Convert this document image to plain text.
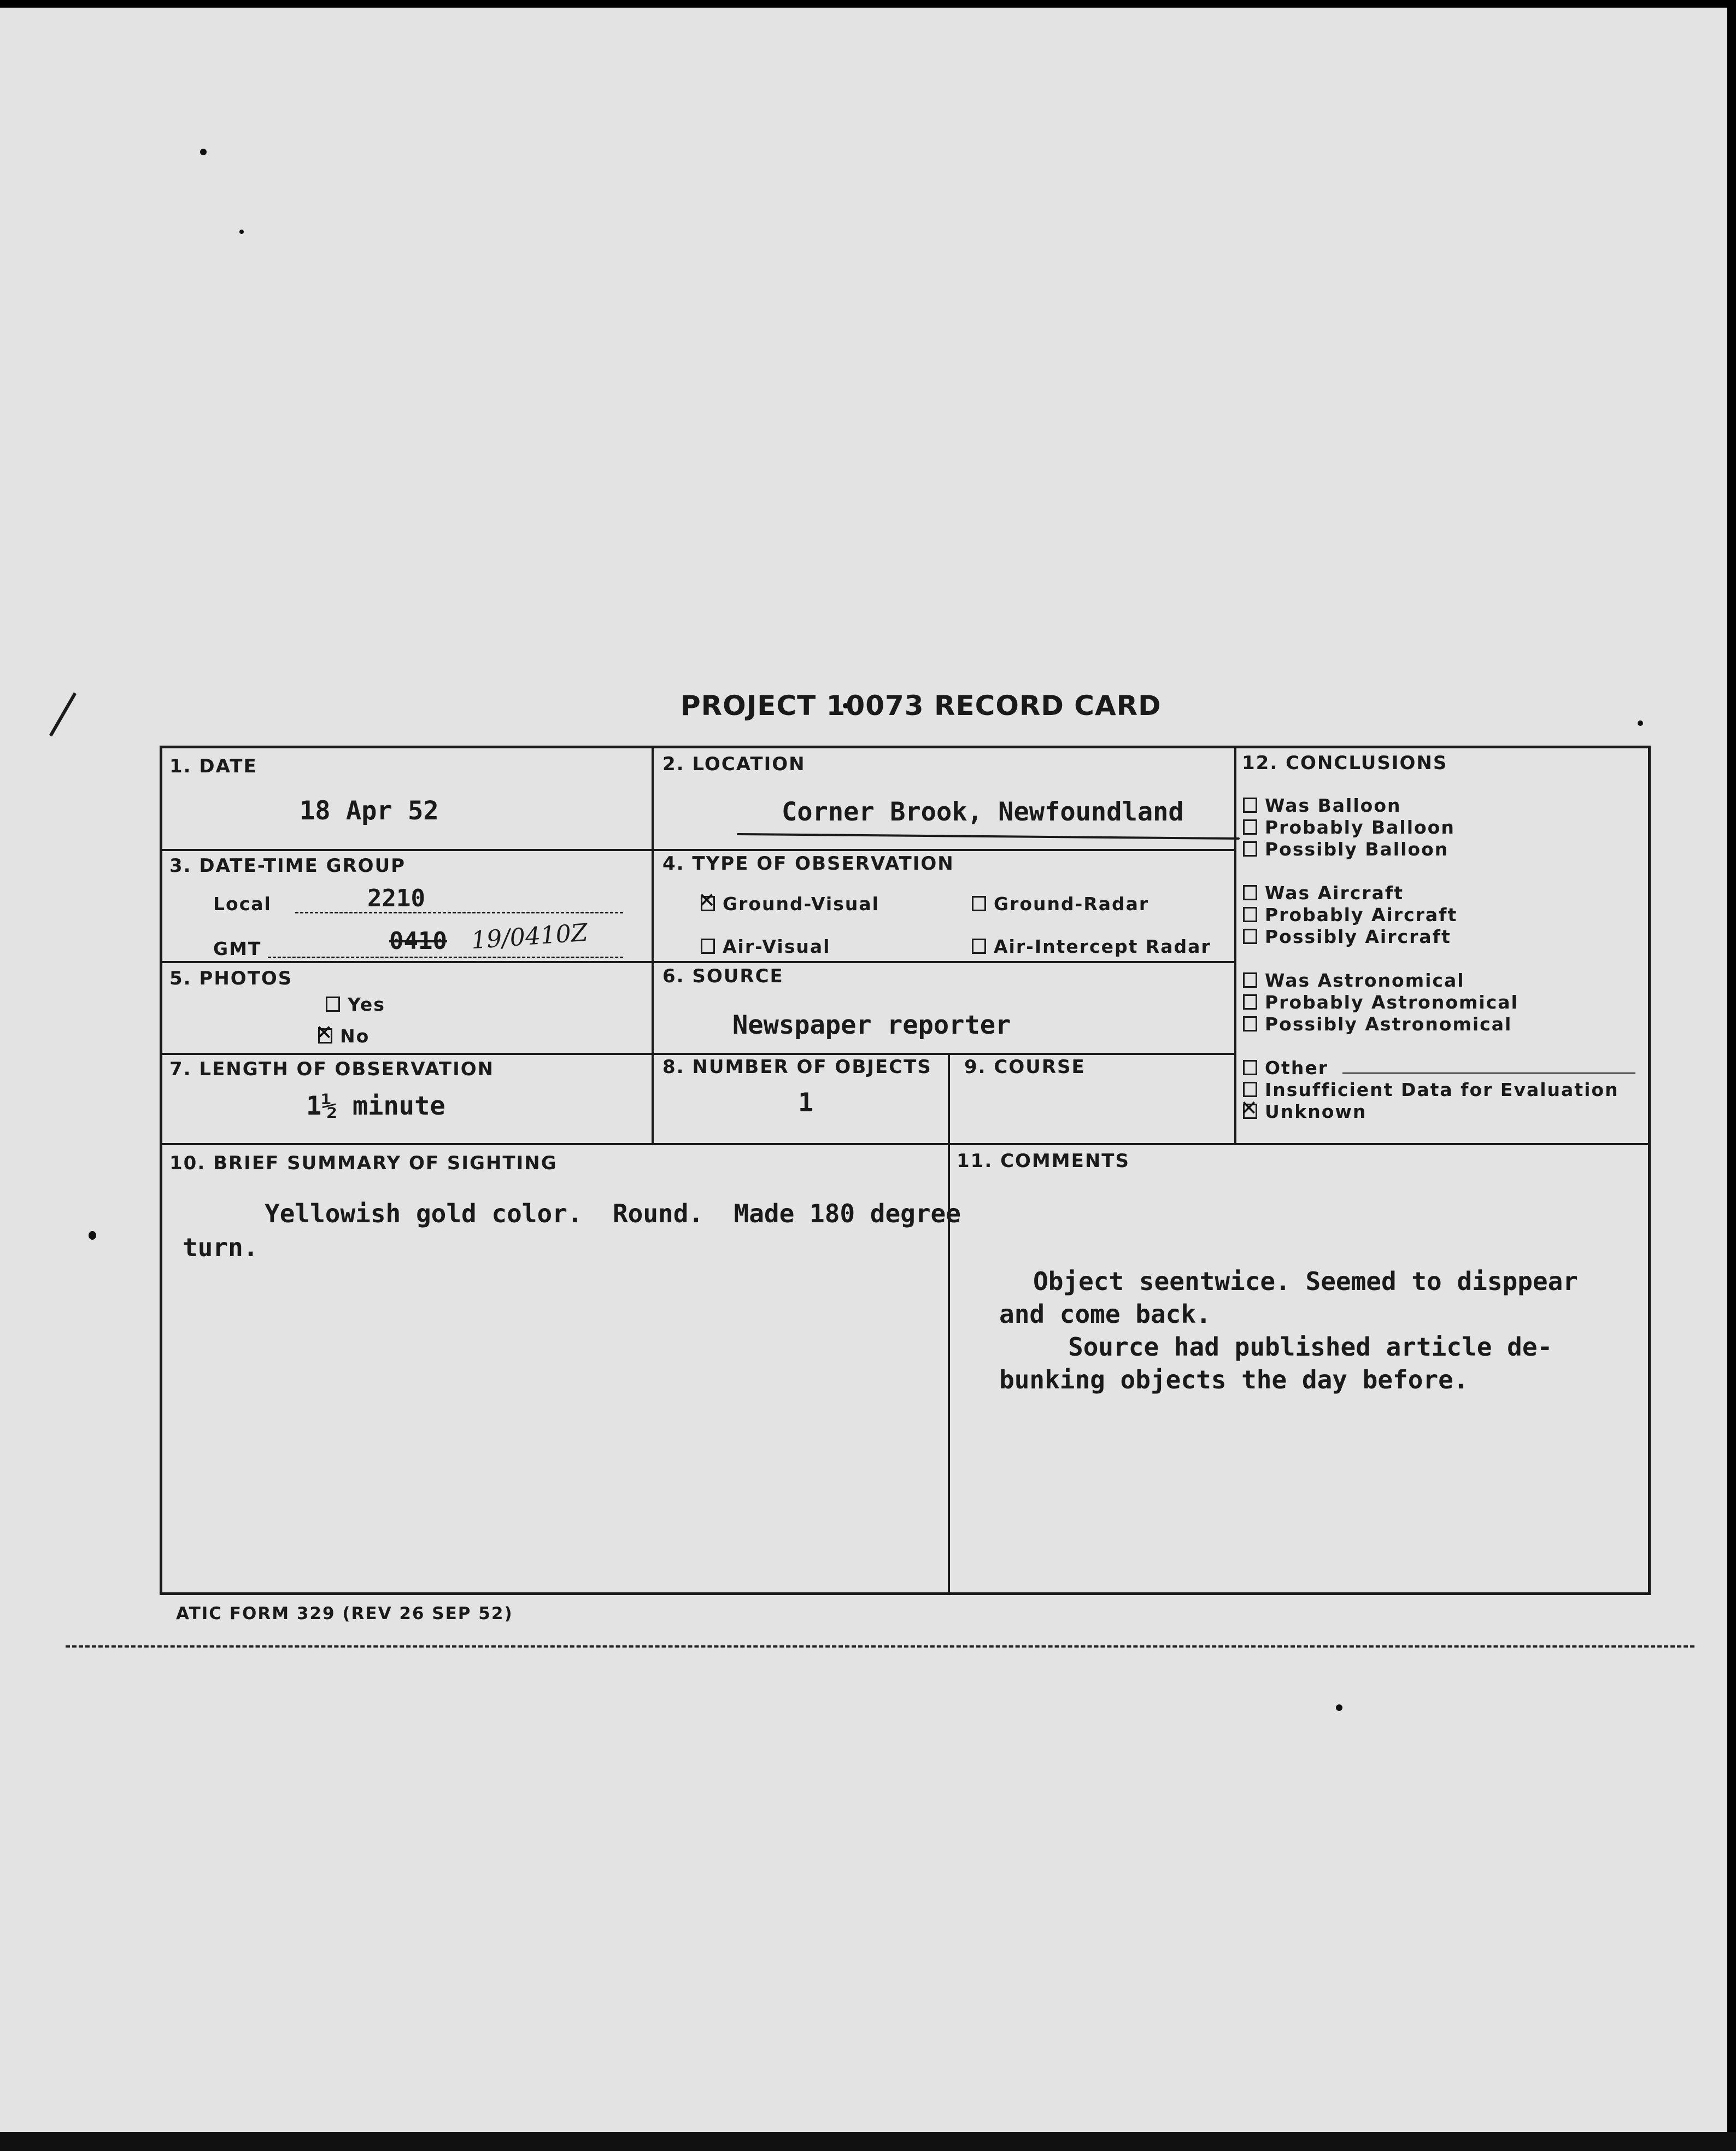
PROJECT 10073 RECORD CARD
1. DATE
18 Apr 52
2. LOCATION
Corner Brook, Newfoundland
3. DATE-TIME GROUP
Local	2210
GMT	0410 19/0410Z
4. TYPE OF OBSERVATION
✕Ground-Visual	Ground-Radar
Air-Visual	Air-Intercept Radar
5. PHOTOS
Yes
✕No
6. SOURCE
Newspaper reporter
7. LENGTH OF OBSERVATION
1½ minute
8. NUMBER OF OBJECTS
1
9. COURSE
10. BRIEF SUMMARY OF SIGHTING
Yellowish gold color.  Round.  Made 180 degree
turn.
11. COMMENTS
Object seentwice. Seemed to disppear
and come back.
Source had published article de-
bunking objects the day before.
12. CONCLUSIONS
Was Balloon
Probably Balloon
Possibly Balloon
Was Aircraft
Probably Aircraft
Possibly Aircraft
Was Astronomical
Probably Astronomical
Possibly Astronomical
Other
Insufficient Data for Evaluation
✕Unknown
ATIC FORM 329 (REV 26 SEP 52)
